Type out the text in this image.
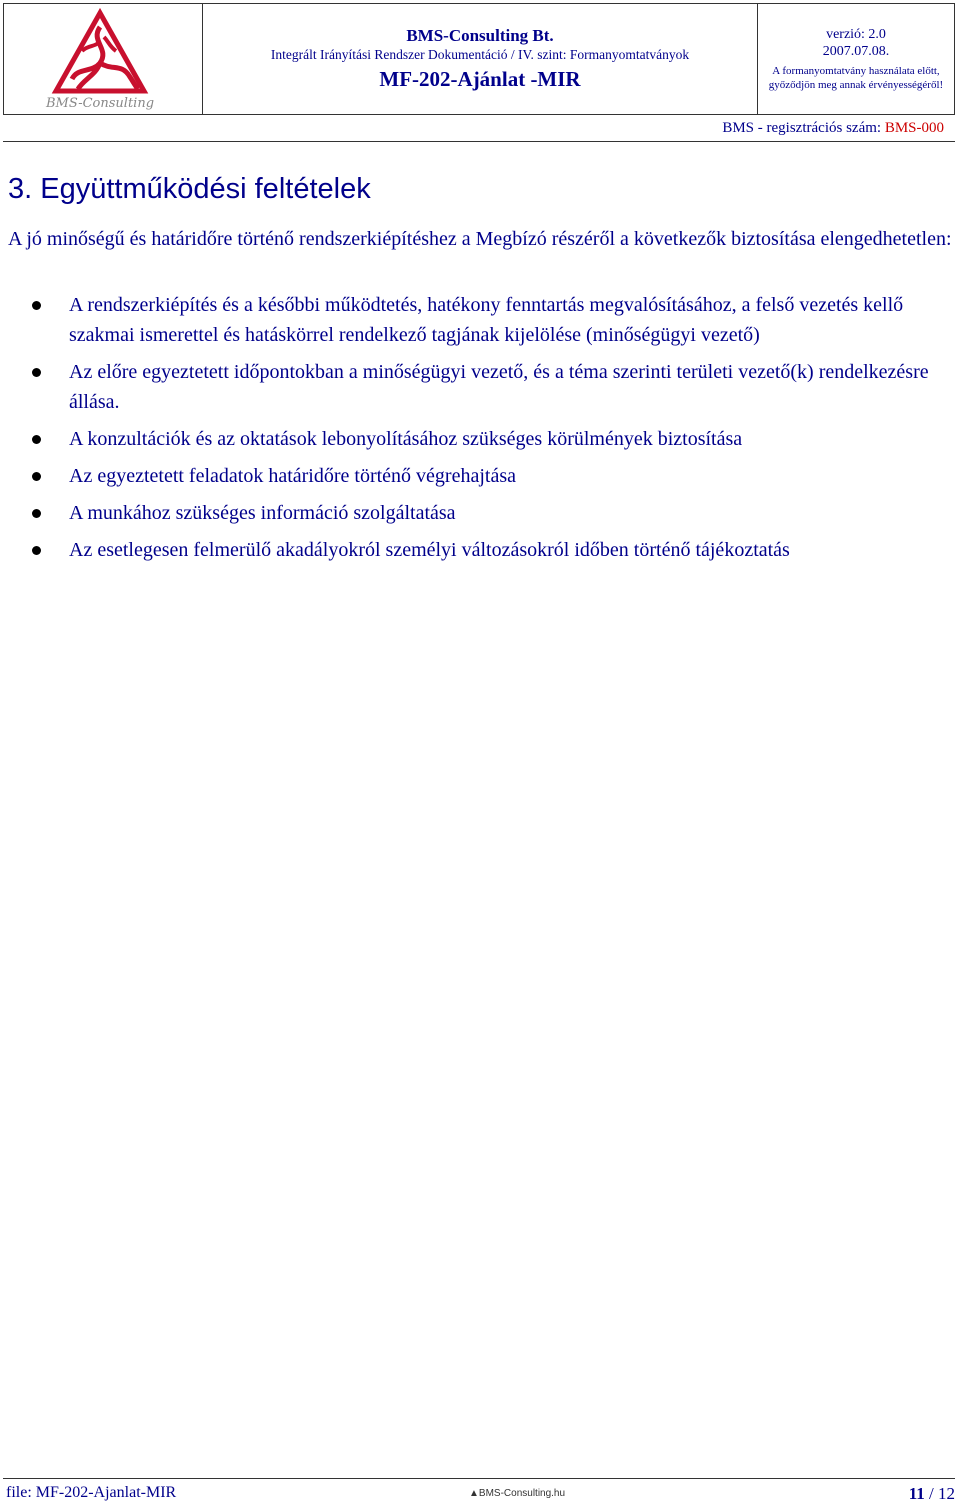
BMS-Consulting
BMS-Consulting Bt.
Integrált Irányítási Rendszer Dokumentáció / IV. szint: Formanyomtatványok
MF-202-Ajánlat -MIR
verzió: 2.0
2007.07.08.
A formanyomtatvány használata előtt,
győződjön meg annak érvényességéről!
BMS - regisztrációs szám: BMS-000
3. Együttműködési feltételek

A jó minőségű és határidőre történő rendszerkiépítéshez a Megbízó részéről a következők biztosítása elengedhetetlen:

A rendszerkiépítés és a későbbi működtetés, hatékony fenntartás megvalósításához, a felső vezetés kellő szakmai ismerettel és hatáskörrel rendelkező tagjának kijelölése (minőségügyi vezető)
Az előre egyeztetett időpontokban a minőségügyi vezető, és a téma szerinti területi vezető(k) rendelkezésre állása.
A konzultációk és az oktatások lebonyolításához szükséges körülmények biztosítása
Az egyeztetett feladatok határidőre történő végrehajtása
A munkához szükséges információ szolgáltatása
Az esetlegesen felmerülő akadályokról személyi változásokról időben történő tájékoztatás
file: MF-202-Ajanlat-MIR	▲BMS-Consulting.hu	11 / 12
